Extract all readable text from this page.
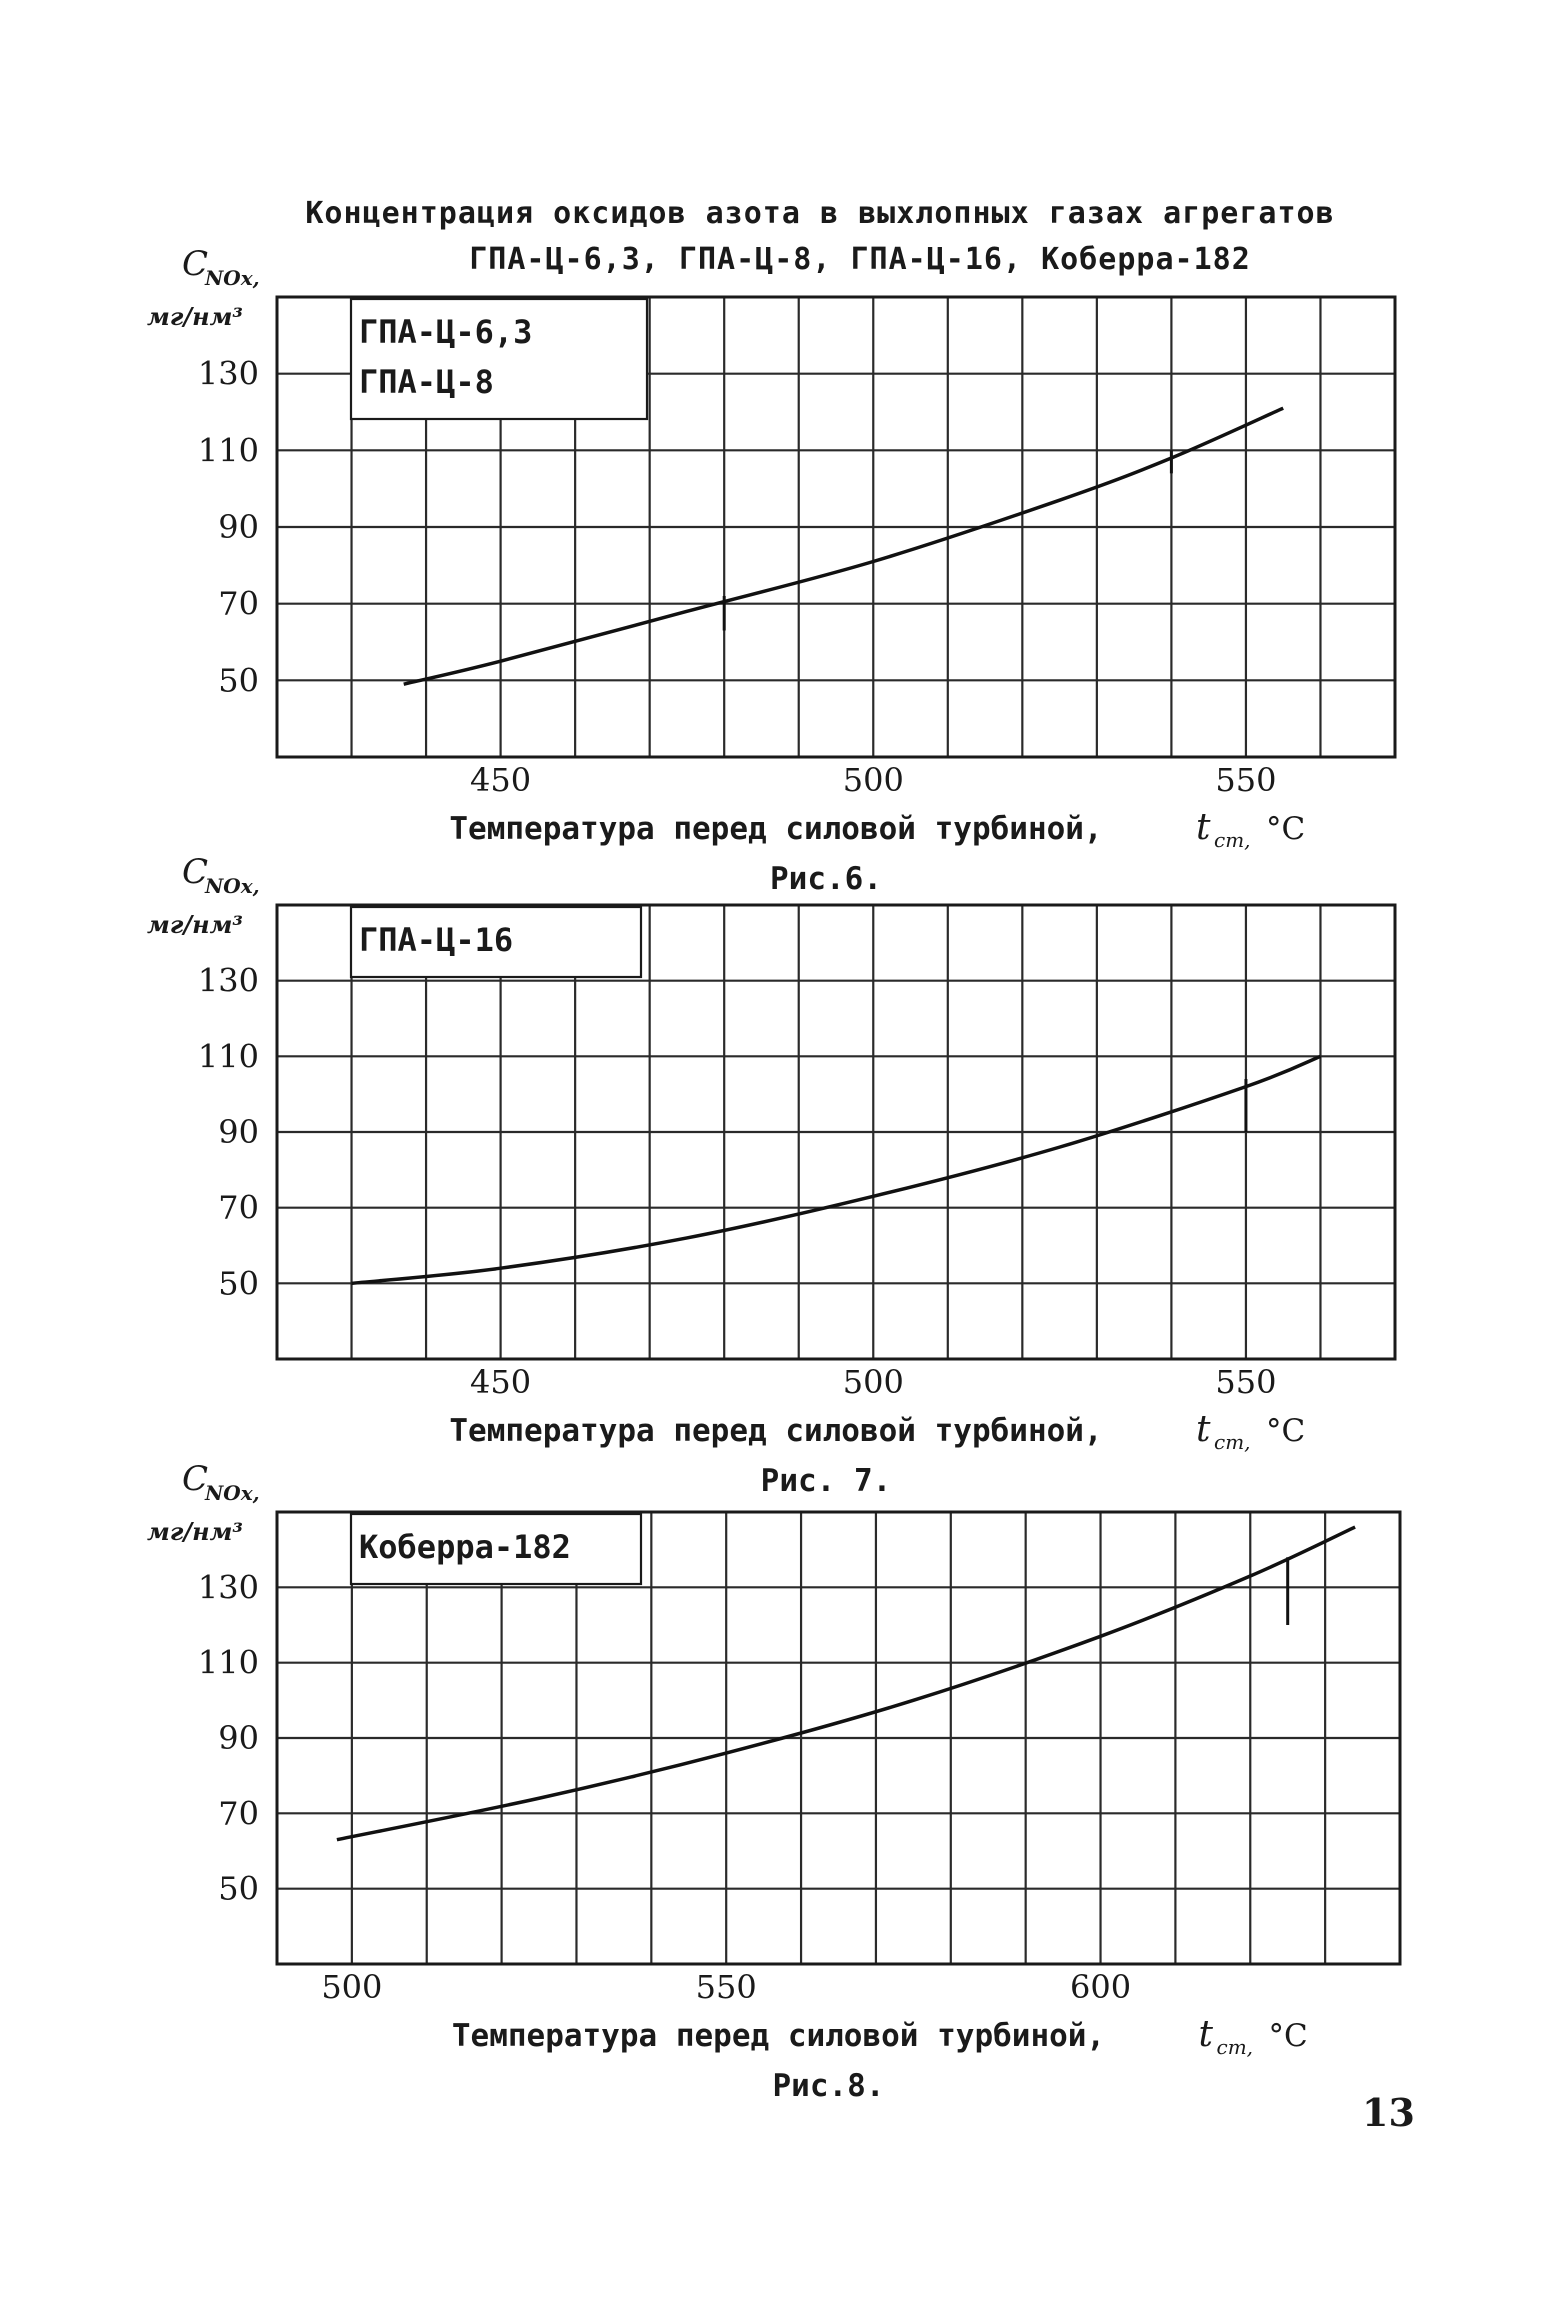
Концентрация оксидов азота в выхлопных газах агрегатов
ГПА-Ц-6,3, ГПА-Ц-8, ГПА-Ц-16, Коберра-182
ГПА-Ц-6,3
ГПА-Ц-8
50
70
90
110
130
450	500	550
C
NOx,
мг/нм³
Температура перед силовой турбиной,	t ст, °C
Рис.6.
ГПА-Ц-16
50
70
90
110
130
450	500	550
C
NOx,
мг/нм³
Температура перед силовой турбиной,	t ст, °C
Рис. 7.
Коберра-182
50
70
90
110
130
500	550	600
C
NOx,
мг/нм³
Температура перед силовой турбиной,	t ст, °C
Рис.8.
13
